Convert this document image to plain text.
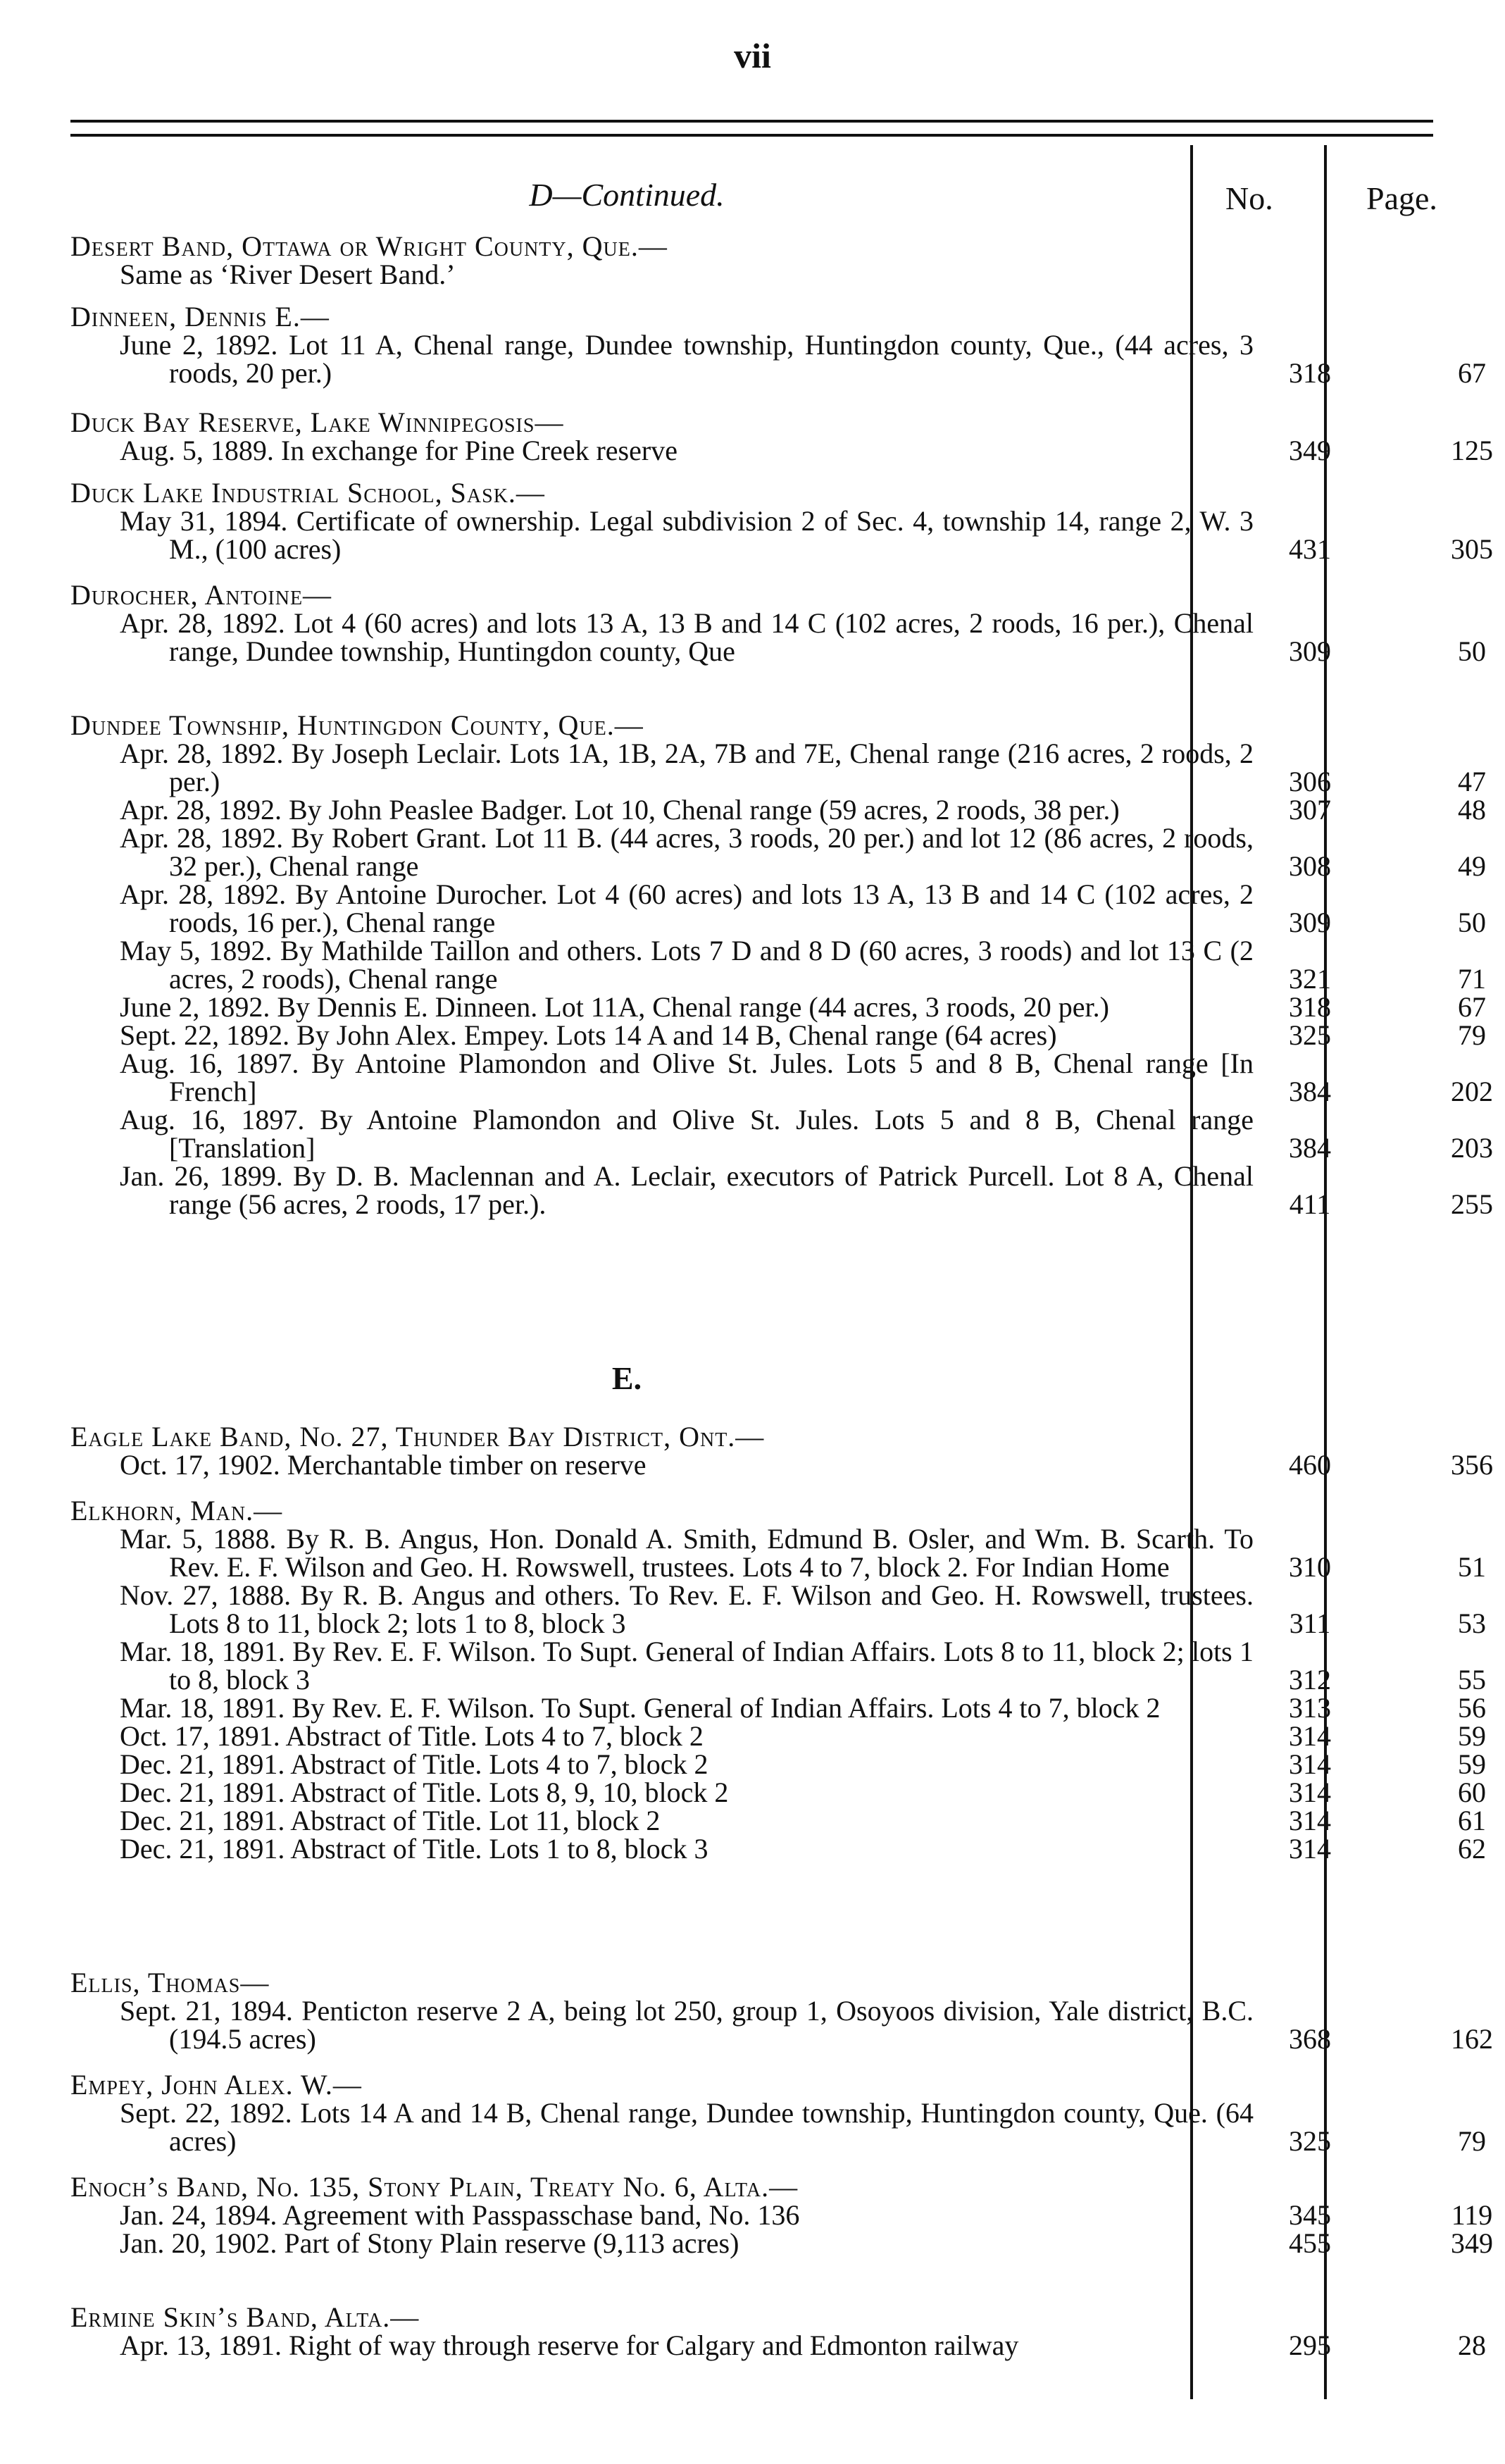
vii
D—Continued.	No.	Page.
Desert Band, Ottawa or Wright County, Que.—
Same as ‘River Desert Band.’
Dinneen, Dennis E.—
June 2, 1892. Lot 11 A, Chenal range, Dundee township, Huntingdon county, Que., (44 acres, 3 roods, 20 per.)	318	67
Duck Bay Reserve, Lake Winnipegosis—
Aug. 5, 1889. In exchange for Pine Creek reserve	349	125
Duck Lake Industrial School, Sask.—
May 31, 1894. Certificate of ownership. Legal subdivision 2 of Sec. 4, township 14, range 2, W. 3 M., (100 acres)	431	305
Durocher, Antoine—
Apr. 28, 1892. Lot 4 (60 acres) and lots 13 A, 13 B and 14 C (102 acres, 2 roods, 16 per.), Chenal range, Dundee township, Huntingdon county, Que	309	50
Dundee Township, Huntingdon County, Que.—
Apr. 28, 1892. By Joseph Leclair. Lots 1A, 1B, 2A, 7B and 7E, Chenal range (216 acres, 2 roods, 2 per.)	306	47
Apr. 28, 1892. By John Peaslee Badger. Lot 10, Chenal range (59 acres, 2 roods, 38 per.)	307	48
Apr. 28, 1892. By Robert Grant. Lot 11 B. (44 acres, 3 roods, 20 per.) and lot 12 (86 acres, 2 roods, 32 per.), Chenal range	308	49
Apr. 28, 1892. By Antoine Durocher. Lot 4 (60 acres) and lots 13 A, 13 B and 14 C (102 acres, 2 roods, 16 per.), Chenal range	309	50
May 5, 1892. By Mathilde Taillon and others. Lots 7 D and 8 D (60 acres, 3 roods) and lot 13 C (2 acres, 2 roods), Chenal range	321	71
June 2, 1892. By Dennis E. Dinneen. Lot 11A, Chenal range (44 acres, 3 roods, 20 per.)	318	67
Sept. 22, 1892. By John Alex. Empey. Lots 14 A and 14 B, Chenal range (64 acres)	325	79
Aug. 16, 1897. By Antoine Plamondon and Olive St. Jules. Lots 5 and 8 B, Chenal range [In French]	384	202
Aug. 16, 1897. By Antoine Plamondon and Olive St. Jules. Lots 5 and 8 B, Chenal range [Translation]	384	203
Jan. 26, 1899. By D. B. Maclennan and A. Leclair, executors of Patrick Purcell. Lot 8 A, Chenal range (56 acres, 2 roods, 17 per.).	411	255
E.
Eagle Lake Band, No. 27, Thunder Bay District, Ont.—
Oct. 17, 1902. Merchantable timber on reserve	460	356
Elkhorn, Man.—
Mar. 5, 1888. By R. B. Angus, Hon. Donald A. Smith, Edmund B. Osler, and Wm. B. Scarth. To Rev. E. F. Wilson and Geo. H. Rowswell, trustees. Lots 4 to 7, block 2. For Indian Home	310	51
Nov. 27, 1888. By R. B. Angus and others. To Rev. E. F. Wilson and Geo. H. Rowswell, trustees. Lots 8 to 11, block 2; lots 1 to 8, block 3	311	53
Mar. 18, 1891. By Rev. E. F. Wilson. To Supt. General of Indian Affairs. Lots 8 to 11, block 2; lots 1 to 8, block 3	312	55
Mar. 18, 1891. By Rev. E. F. Wilson. To Supt. General of Indian Affairs. Lots 4 to 7, block 2	313	56
Oct. 17, 1891. Abstract of Title. Lots 4 to 7, block 2	314	59
Dec. 21, 1891. Abstract of Title. Lots 4 to 7, block 2	314	59
Dec. 21, 1891. Abstract of Title. Lots 8, 9, 10, block 2	314	60
Dec. 21, 1891. Abstract of Title. Lot 11, block 2	314	61
Dec. 21, 1891. Abstract of Title. Lots 1 to 8, block 3	314	62
Ellis, Thomas—
Sept. 21, 1894. Penticton reserve 2 A, being lot 250, group 1, Osoyoos division, Yale district, B.C. (194.5 acres)	368	162
Empey, John Alex. W.—
Sept. 22, 1892. Lots 14 A and 14 B, Chenal range, Dundee township, Huntingdon county, Que. (64 acres)	325	79
Enoch’s Band, No. 135, Stony Plain, Treaty No. 6, Alta.—
Jan. 24, 1894. Agreement with Passpasschase band, No. 136	345	119
Jan. 20, 1902. Part of Stony Plain reserve (9,113 acres)	455	349
Ermine Skin’s Band, Alta.—
Apr. 13, 1891. Right of way through reserve for Calgary and Edmonton railway	295	28
